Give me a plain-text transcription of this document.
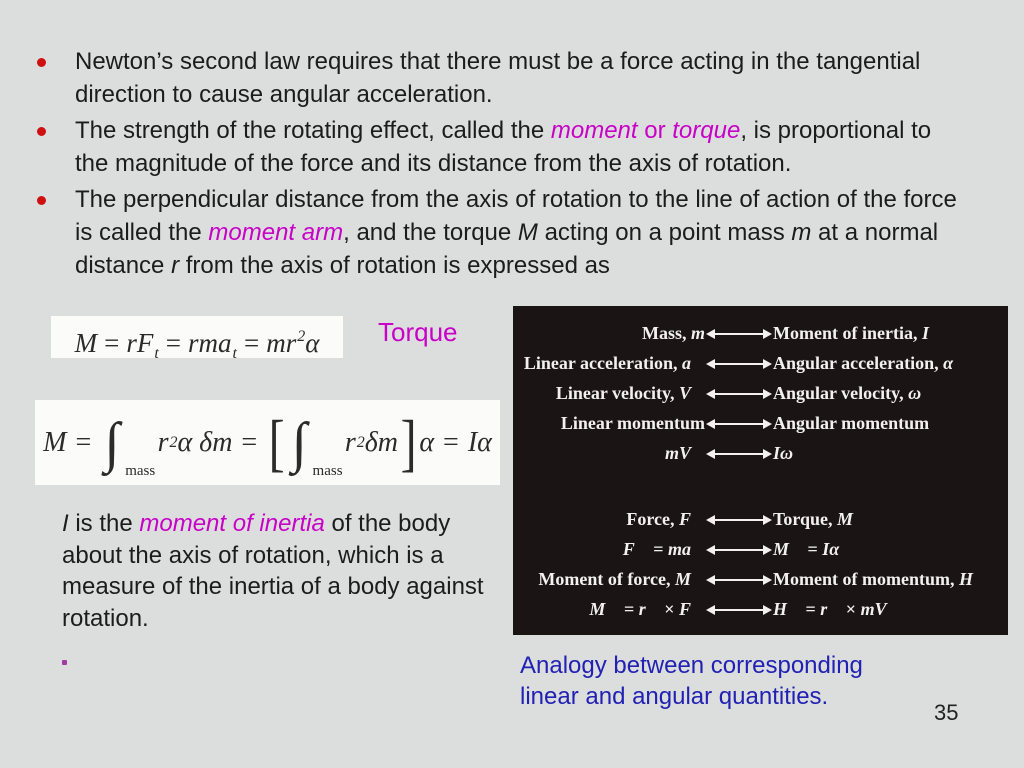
Newton’s second law requires that there must be a force acting in the tangential direction to cause angular acceleration.
The strength of the rotating effect, called the moment or torque, is proportional to the magnitude of the force and its distance from the axis of rotation.
The perpendicular distance from the axis of rotation to the line of action of the force is called the moment arm, and the torque M acting on a point mass m at a normal distance r from the axis of rotation is expressed as
$M = rF_t = rma_t = mr^2\alpha$	Torque
M = ∫ mass
r 2 α δm = [ ∫ mass
r 2 δm ] α = Iα
I is the moment of inertia of the body about the axis of rotation, which is a measure of the inertia of a body against rotation.
Mass, m	Moment of inertia, I
Linear acceleration, a⃗	Angular acceleration, α⃗
Linear velocity, V⃗	Angular velocity, ω⃗
Linear momentum	Angular momentum
mV⃗	Iω⃗
Force, F⃗	Torque, M⃗
F⃗ = ma⃗	M⃗ = Iα⃗
Moment of force, M⃗	Moment of momentum, H⃗
M⃗ = r⃗ × F⃗	H⃗ = r⃗ × mV⃗
Analogy between corresponding linear and angular quantities.
35
